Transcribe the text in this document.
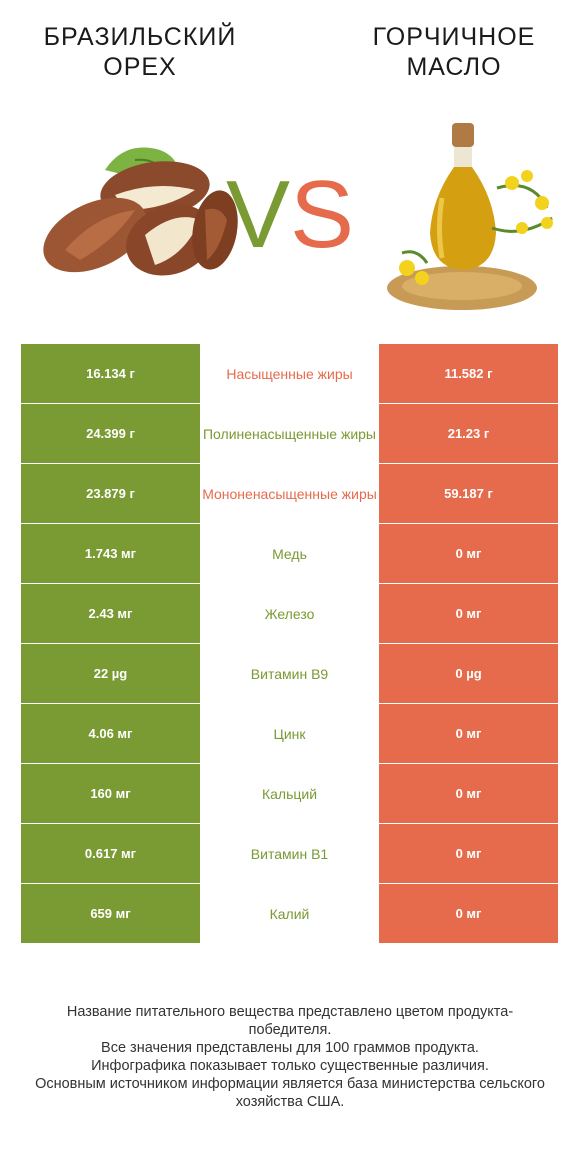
БРАЗИЛЬСКИЙ ОРЕХ
ГОРЧИЧНОЕ МАСЛО
VS
16.134 г	Насыщенные жиры	11.582 г
24.399 г	Полиненасыщенные жиры	21.23 г
23.879 г	Мононенасыщенные жиры	59.187 г
1.743 мг	Медь	0 мг
2.43 мг	Железо	0 мг
22 µg	Витамин B9	0 µg
4.06 мг	Цинк	0 мг
160 мг	Кальций	0 мг
0.617 мг	Витамин B1	0 мг
659 мг	Калий	0 мг
Название питательного вещества представлено цветом продукта-победителя.
Все значения представлены для 100 граммов продукта.
Инфографика показывает только существенные различия.
Основным источником информации является база министерства сельского хозяйства США.
